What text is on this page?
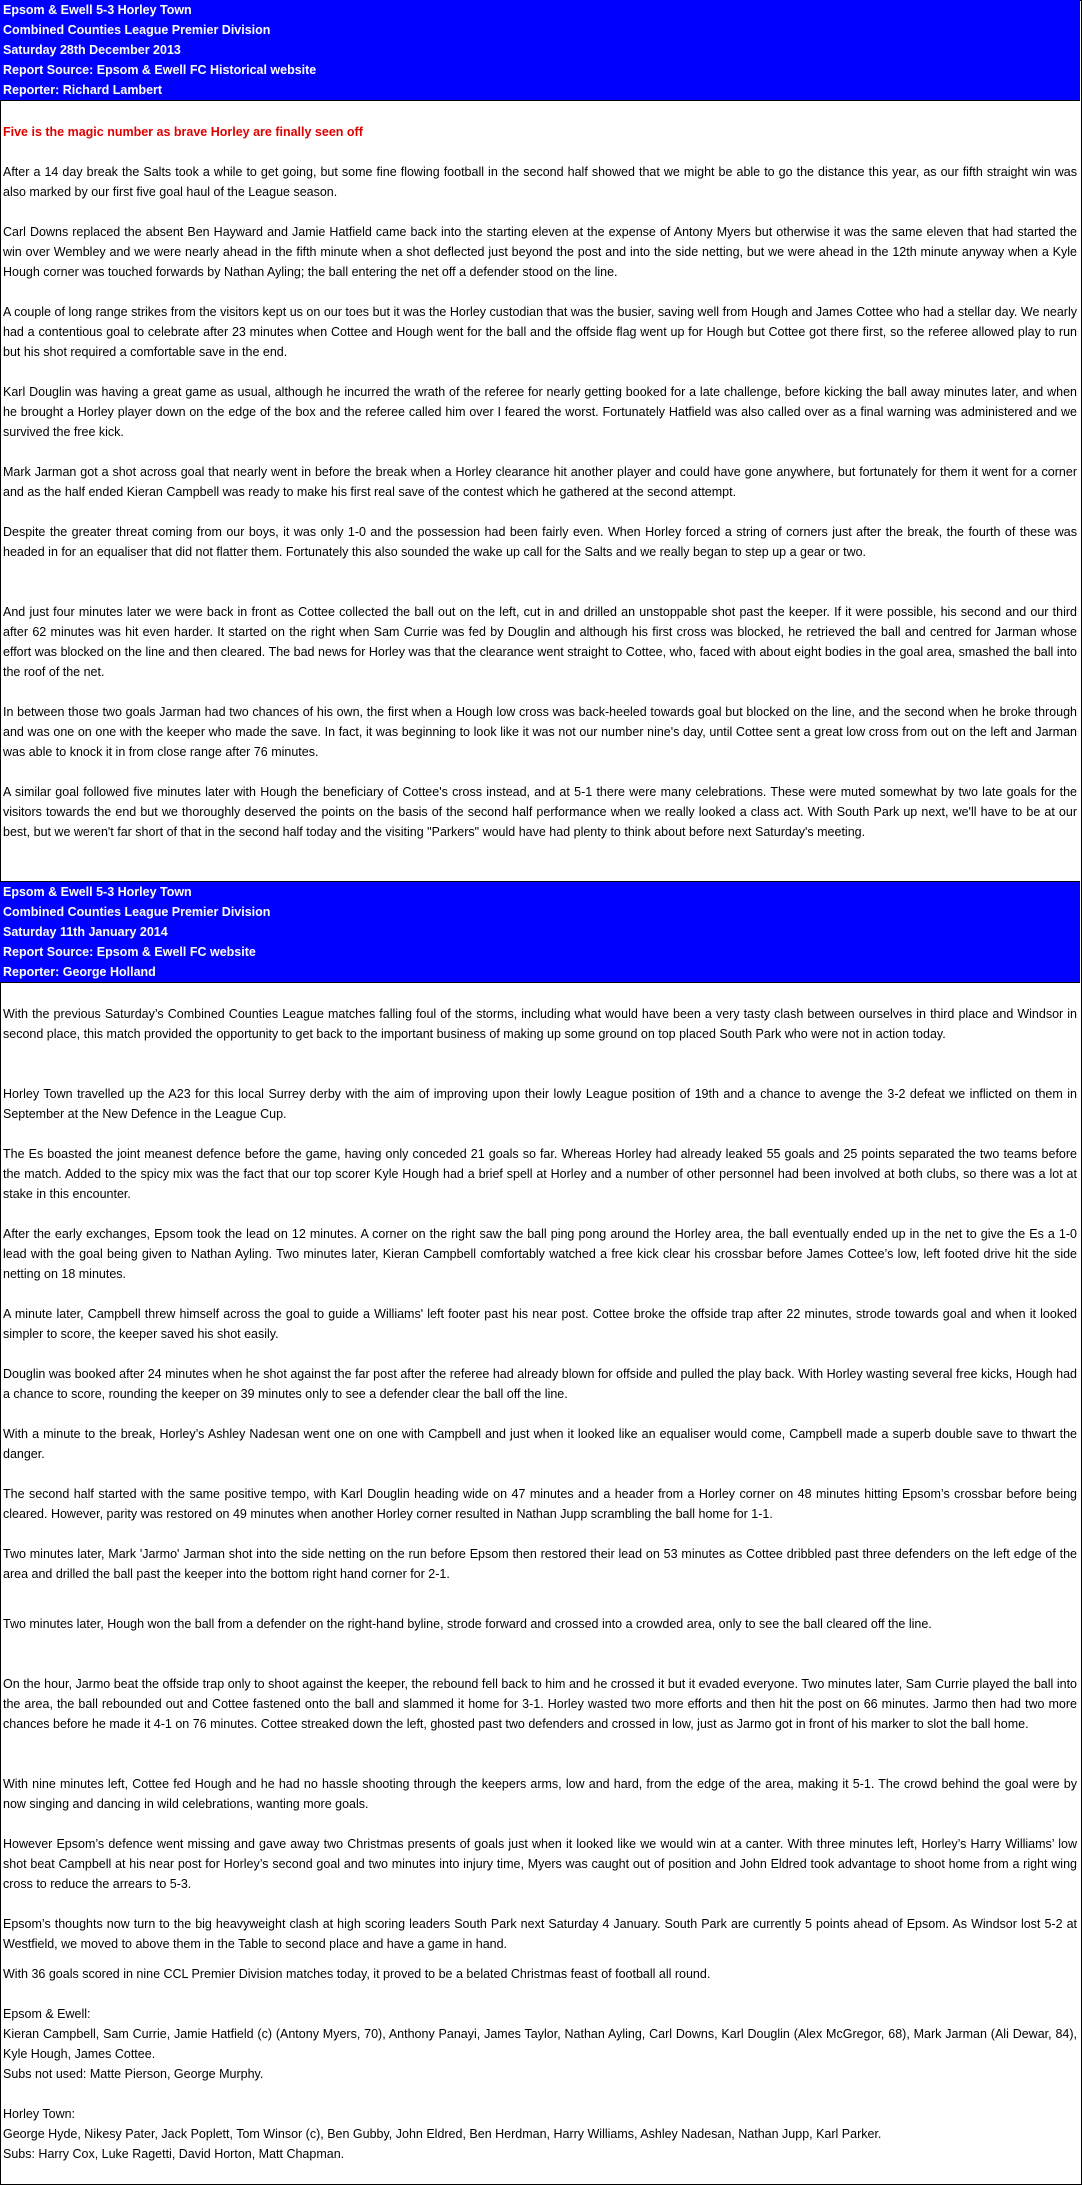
Epsom & Ewell 5-3 Horley Town
Combined Counties League Premier Division
Saturday 28th December 2013
Report Source: Epsom & Ewell FC Historical website
Reporter: Richard Lambert

Five is the magic number as brave Horley are finally seen off

After a 14 day break the Salts took a while to get going, but some fine flowing football in the second half showed that we might be able to go the distance this year, as our fifth straight win was also marked by our first five goal haul of the League season.

Carl Downs replaced the absent Ben Hayward and Jamie Hatfield came back into the starting eleven at the expense of Antony Myers but otherwise it was the same eleven that had started the win over Wembley and we were nearly ahead in the fifth minute when a shot deflected just beyond the post and into the side netting, but we were ahead in the 12th minute anyway when a Kyle Hough corner was touched forwards by Nathan Ayling; the ball entering the net off a defender stood on the line.

A couple of long range strikes from the visitors kept us on our toes but it was the Horley custodian that was the busier, saving well from Hough and James Cottee who had a stellar day. We nearly had a contentious goal to celebrate after 23 minutes when Cottee and Hough went for the ball and the offside flag went up for Hough but Cottee got there first, so the referee allowed play to run but his shot required a comfortable save in the end.

Karl Douglin was having a great game as usual, although he incurred the wrath of the referee for nearly getting booked for a late challenge, before kicking the ball away minutes later, and when he brought a Horley player down on the edge of the box and the referee called him over I feared the worst. Fortunately Hatfield was also called over as a final warning was administered and we survived the free kick.

Mark Jarman got a shot across goal that nearly went in before the break when a Horley clearance hit another player and could have gone anywhere, but fortunately for them it went for a corner and as the half ended Kieran Campbell was ready to make his first real save of the contest which he gathered at the second attempt.

Despite the greater threat coming from our boys, it was only 1-0 and the possession had been fairly even. When Horley forced a string of corners just after the break, the fourth of these was headed in for an equaliser that did not flatter them. Fortunately this also sounded the wake up call for the Salts and we really began to step up a gear or two.

And just four minutes later we were back in front as Cottee collected the ball out on the left, cut in and drilled an unstoppable shot past the keeper. If it were possible, his second and our third after 62 minutes was hit even harder. It started on the right when Sam Currie was fed by Douglin and although his first cross was blocked, he retrieved the ball and centred for Jarman whose effort was blocked on the line and then cleared. The bad news for Horley was that the clearance went straight to Cottee, who, faced with about eight bodies in the goal area, smashed the ball into the roof of the net.

In between those two goals Jarman had two chances of his own, the first when a Hough low cross was back-heeled towards goal but blocked on the line, and the second when he broke through and was one on one with the keeper who made the save. In fact, it was beginning to look like it was not our number nine's day, until Cottee sent a great low cross from out on the left and Jarman was able to knock it in from close range after 76 minutes.

A similar goal followed five minutes later with Hough the beneficiary of Cottee's cross instead, and at 5-1 there were many celebrations. These were muted somewhat by two late goals for the visitors towards the end but we thoroughly deserved the points on the basis of the second half performance when we really looked a class act. With South Park up next, we'll have to be at our best, but we weren't far short of that in the second half today and the visiting "Parkers" would have had plenty to think about before next Saturday's meeting.

Epsom & Ewell 5-3 Horley Town
Combined Counties League Premier Division
Saturday 11th January 2014
Report Source: Epsom & Ewell FC website
Reporter: George Holland

With the previous Saturday’s Combined Counties League matches falling foul of the storms, including what would have been a very tasty clash between ourselves in third place and Windsor in second place, this match provided the opportunity to get back to the important business of making up some ground on top placed South Park who were not in action today.

Horley Town travelled up the A23 for this local Surrey derby with the aim of improving upon their lowly League position of 19th and a chance to avenge the 3-2 defeat we inflicted on them in September at the New Defence in the League Cup.

The Es boasted the joint meanest defence before the game, having only conceded 21 goals so far. Whereas Horley had already leaked 55 goals and 25 points separated the two teams before the match. Added to the spicy mix was the fact that our top scorer Kyle Hough had a brief spell at Horley and a number of other personnel had been involved at both clubs, so there was a lot at stake in this encounter.

After the early exchanges, Epsom took the lead on 12 minutes. A corner on the right saw the ball ping pong around the Horley area, the ball eventually ended up in the net to give the Es a 1-0 lead with the goal being given to Nathan Ayling. Two minutes later, Kieran Campbell comfortably watched a free kick clear his crossbar before James Cottee’s low, left footed drive hit the side netting on 18 minutes.

A minute later, Campbell threw himself across the goal to guide a Williams' left footer past his near post. Cottee broke the offside trap after 22 minutes, strode towards goal and when it looked simpler to score, the keeper saved his shot easily.

Douglin was booked after 24 minutes when he shot against the far post after the referee had already blown for offside and pulled the play back. With Horley wasting several free kicks, Hough had a chance to score, rounding the keeper on 39 minutes only to see a defender clear the ball off the line.

With a minute to the break, Horley’s Ashley Nadesan went one on one with Campbell and just when it looked like an equaliser would come, Campbell made a superb double save to thwart the danger.

The second half started with the same positive tempo, with Karl Douglin heading wide on 47 minutes and a header from a Horley corner on 48 minutes hitting Epsom’s crossbar before being cleared. However, parity was restored on 49 minutes when another Horley corner resulted in Nathan Jupp scrambling the ball home for 1-1.

Two minutes later, Mark 'Jarmo' Jarman shot into the side netting on the run before Epsom then restored their lead on 53 minutes as Cottee dribbled past three defenders on the left edge of the area and drilled the ball past the keeper into the bottom right hand corner for 2-1.

Two minutes later, Hough won the ball from a defender on the right-hand byline, strode forward and crossed into a crowded area, only to see the ball cleared off the line.

On the hour, Jarmo beat the offside trap only to shoot against the keeper, the rebound fell back to him and he crossed it but it evaded everyone. Two minutes later, Sam Currie played the ball into the area, the ball rebounded out and Cottee fastened onto the ball and slammed it home for 3-1. Horley wasted two more efforts and then hit the post on 66 minutes. Jarmo then had two more chances before he made it 4-1 on 76 minutes. Cottee streaked down the left, ghosted past two defenders and crossed in low, just as Jarmo got in front of his marker to slot the ball home.

With nine minutes left, Cottee fed Hough and he had no hassle shooting through the keepers arms, low and hard, from the edge of the area, making it 5-1. The crowd behind the goal were by now singing and dancing in wild celebrations, wanting more goals.

However Epsom’s defence went missing and gave away two Christmas presents of goals just when it looked like we would win at a canter. With three minutes left, Horley’s Harry Williams’ low shot beat Campbell at his near post for Horley’s second goal and two minutes into injury time, Myers was caught out of position and John Eldred took advantage to shoot home from a right wing cross to reduce the arrears to 5-3.

Epsom’s thoughts now turn to the big heavyweight clash at high scoring leaders South Park next Saturday 4 January. South Park are currently 5 points ahead of Epsom. As Windsor lost 5-2 at Westfield, we moved to above them in the Table to second place and have a game in hand.

With 36 goals scored in nine CCL Premier Division matches today, it proved to be a belated Christmas feast of football all round.

Epsom & Ewell:
Kieran Campbell, Sam Currie, Jamie Hatfield (c) (Antony Myers, 70), Anthony Panayi, James Taylor, Nathan Ayling, Carl Downs, Karl Douglin (Alex McGregor, 68), Mark Jarman (Ali Dewar, 84), Kyle Hough, James Cottee.
Subs not used: Matte Pierson, George Murphy.
Horley Town:
George Hyde, Nikesy Pater, Jack Poplett, Tom Winsor (c), Ben Gubby, John Eldred, Ben Herdman, Harry Williams, Ashley Nadesan, Nathan Jupp, Karl Parker.
Subs: Harry Cox, Luke Ragetti, David Horton, Matt Chapman.
